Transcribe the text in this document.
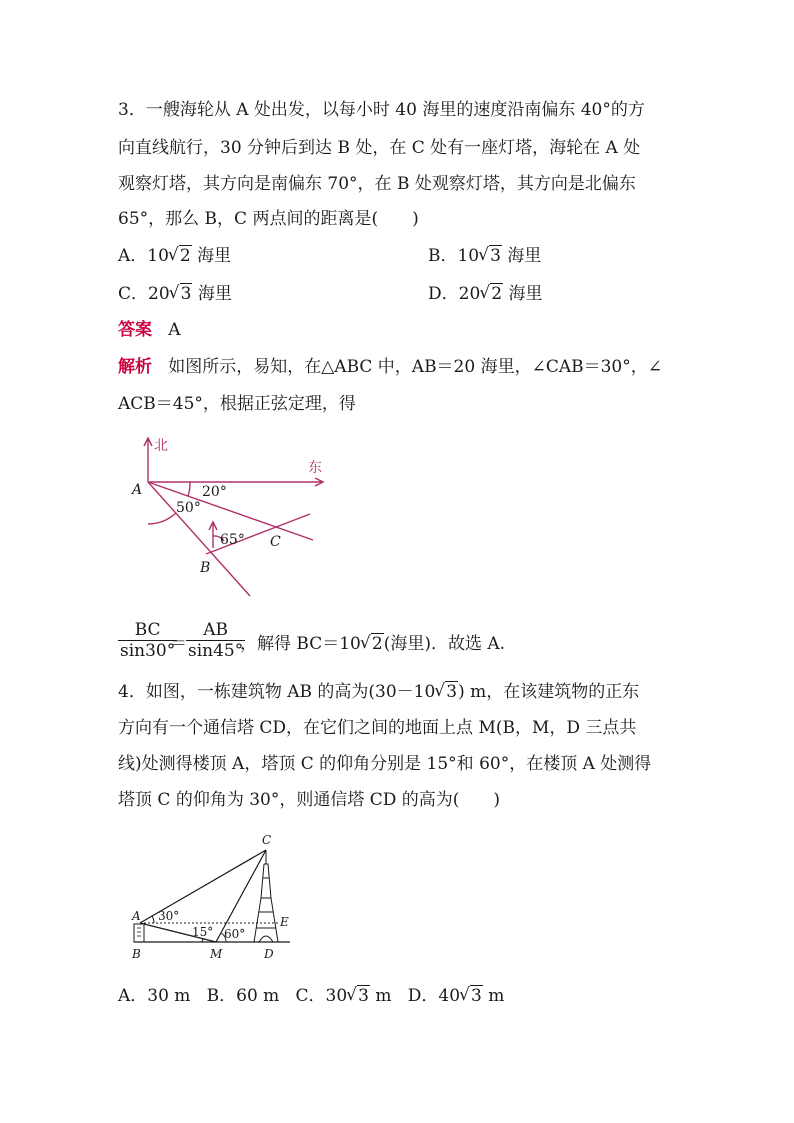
3．一艘海轮从 A 处出发，以每小时 40 海里的速度沿南偏东 40°的方
向直线航行，30 分钟后到达 B 处，在 C 处有一座灯塔，海轮在 A 处
观察灯塔，其方向是南偏东 70°，在 B 处观察灯塔，其方向是北偏东
65°，那么 B，C 两点间的距离是(　　)
A．10 √ 2 海里	B．10 √ 3 海里
C．20 √ 3 海里	D．20 √ 2 海里
答案 A
解析 如图所示，易知，在△ABC 中，AB＝20 海里，∠CAB＝30°，∠
ACB＝45°，根据正弦定理，得
北
东
A
B
C
20°
50°
65°
$\frac{BC}{\sin 30^\circ}$
＝ $\frac{AB}{\sin 45^\circ}$
，解得 BC＝10 √ 2(海里)．故选 A.
4．如图，一栋建筑物 AB 的高为(30－10 √ 3) m，在该建筑物的正东
方向有一个通信塔 CD，在它们之间的地面上点 M(B，M，D 三点共
线)处测得楼顶 A，塔顶 C 的仰角分别是 15°和 60°，在楼顶 A 处测得
塔顶 C 的仰角为 30°，则通信塔 CD 的高为(　　)
A
B
C
D
E
M
30°
15° 60°
A．30 m B．60 m C．30 √ 3 m D．40 √ 3 m
